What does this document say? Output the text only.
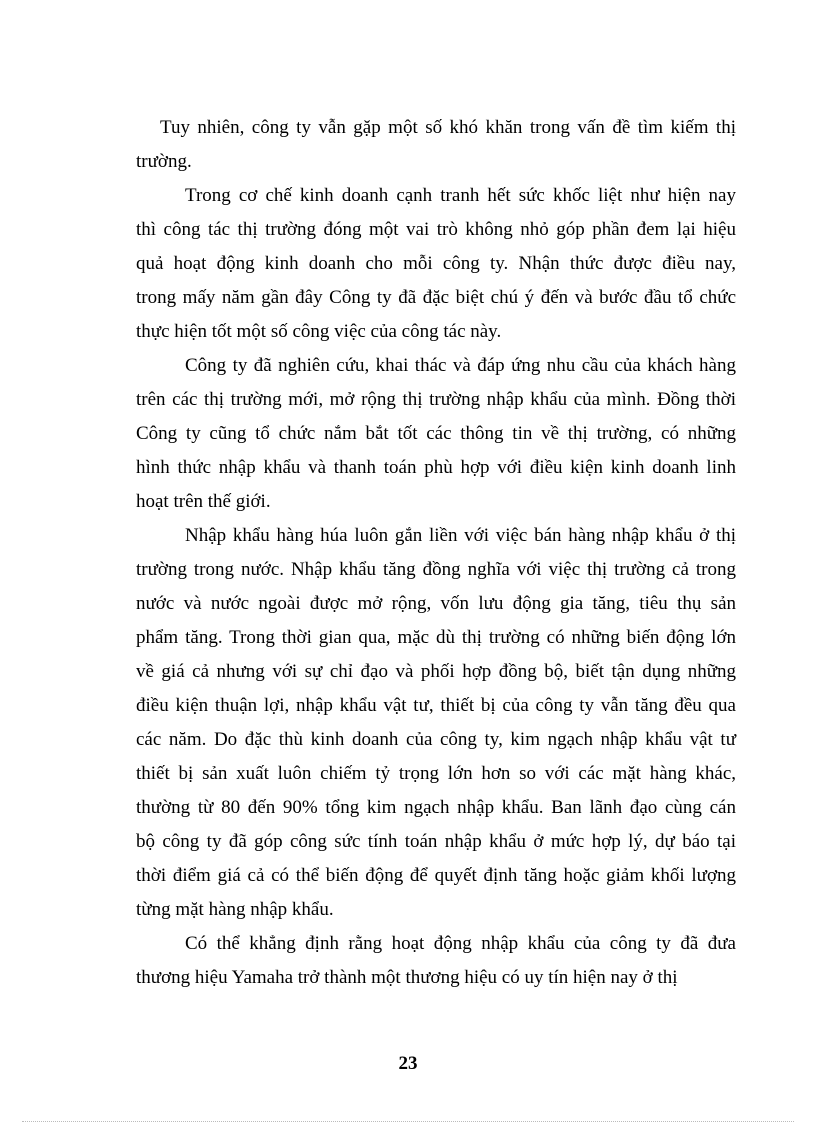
Tuy nhiên, công ty vẫn gặp một số khó khăn trong vấn đề tìm kiếm thị
trường.
Trong cơ chế kinh doanh cạnh tranh hết sức khốc liệt như hiện nay
thì công tác thị trường đóng một vai trò không nhỏ góp phần đem lại hiệu
quả hoạt động kinh doanh cho mỗi công ty. Nhận thức được điều nay,
trong mấy năm gần đây Công ty đã đặc biệt chú ý đến và bước đầu tổ chức
thực hiện tốt một số công việc của công tác này.
Công ty đã nghiên cứu, khai thác và đáp ứng nhu cầu của khách hàng
trên các thị trường mới, mở rộng thị trường nhập khẩu của mình. Đồng thời
Công ty cũng tổ chức nắm bắt tốt các thông tin về thị trường, có những
hình thức nhập khẩu và thanh toán phù hợp với điều kiện kinh doanh linh
hoạt trên thế giới.
Nhập khẩu hàng húa luôn gắn liền với việc bán hàng nhập khẩu ở thị
trường trong nước. Nhập khẩu tăng đồng nghĩa với việc thị trường cả trong
nước và nước ngoài được mở rộng, vốn lưu động gia tăng, tiêu thụ sản
phẩm tăng. Trong thời gian qua, mặc dù thị trường có những biến động lớn
về giá cả nhưng với sự chỉ đạo và phối hợp đồng bộ, biết tận dụng những
điều kiện thuận lợi, nhập khẩu vật tư, thiết bị của công ty vẫn tăng đều qua
các năm. Do đặc thù kinh doanh của công ty, kim ngạch nhập khẩu vật tư
thiết bị sản xuất luôn chiếm tỷ trọng lớn hơn so với các mặt hàng khác,
thường từ 80 đến 90% tổng kim ngạch nhập khẩu. Ban lãnh đạo cùng cán
bộ công ty đã góp công sức tính toán nhập khẩu ở mức hợp lý, dự báo tại
thời điểm giá cả có thể biến động để quyết định tăng hoặc giảm khối lượng
từng mặt hàng nhập khẩu.
Có thể khẳng định rằng hoạt động nhập khẩu của công ty đã đưa
thương hiệu Yamaha trở thành một thương hiệu có uy tín hiện nay ở thị
23
